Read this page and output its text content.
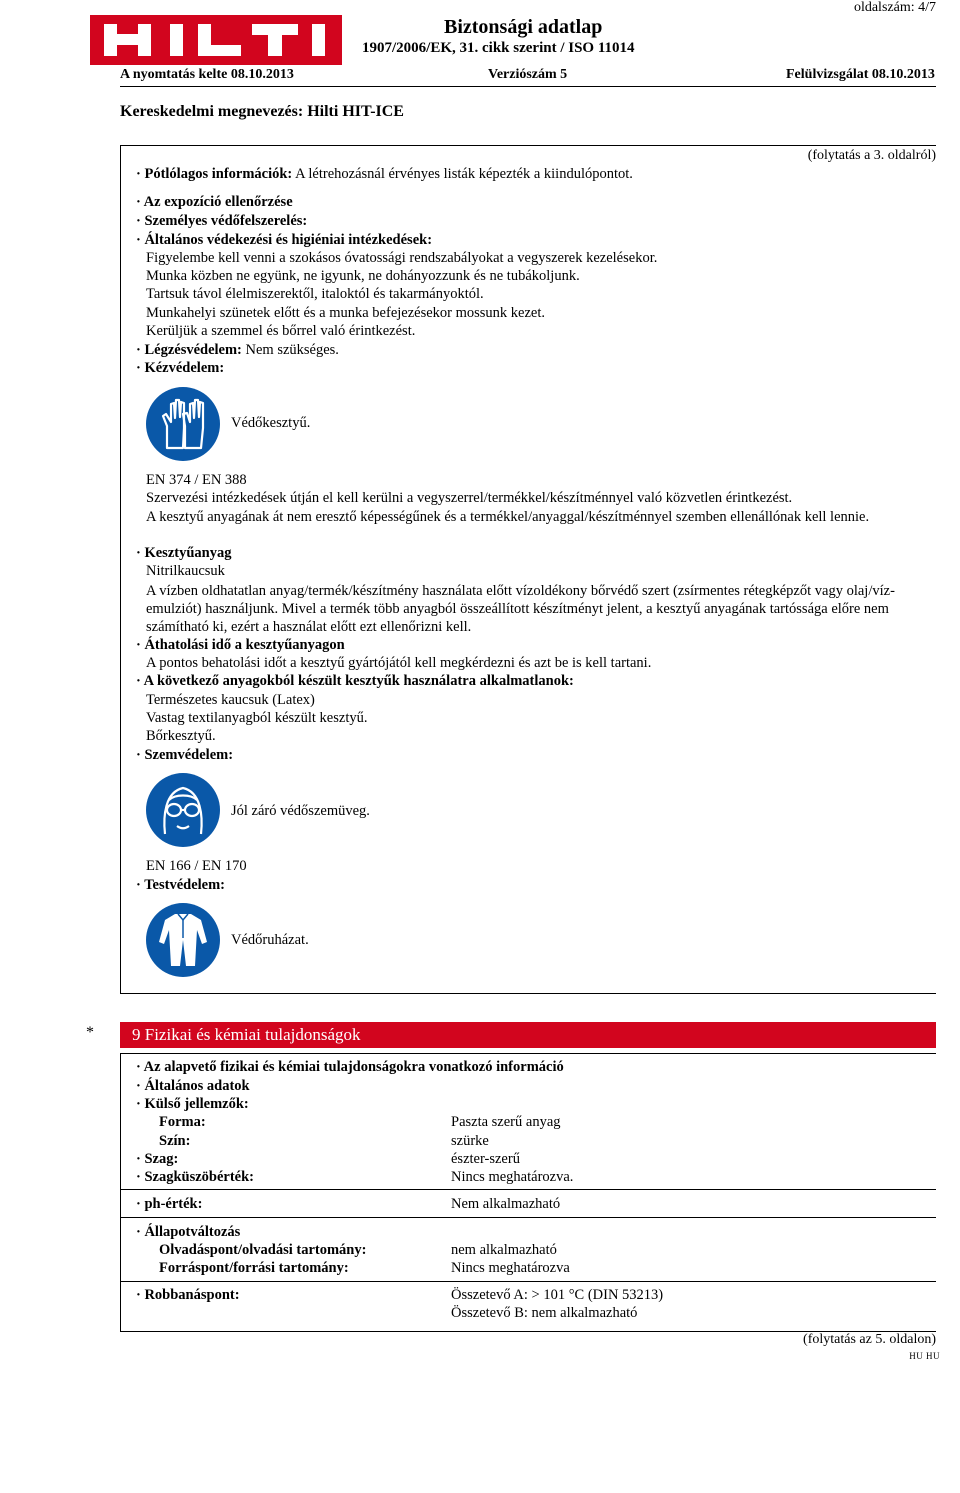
oldalszám: 4/7
Biztonsági adatlap
1907/2006/EK, 31. cikk szerint / ISO 11014
A nyomtatás kelte 08.10.2013	Verziószám 5	Felülvizsgálat 08.10.2013
Kereskedelmi megnevezés: Hilti HIT-ICE
(folytatás a 3. oldalról)
· Pótlólagos információk: A létrehozásnál érvényes listák képezték a kiindulópontot.
· Az expozíció ellenőrzése
· Személyes védőfelszerelés:
· Általános védekezési és higiéniai intézkedések:
Figyelembe kell venni a szokásos óvatossági rendszabályokat a vegyszerek kezelésekor.
Munka közben ne együnk, ne igyunk, ne dohányozzunk és ne tubákoljunk.
Tartsuk távol élelmiszerektől, italoktól és takarmányoktól.
Munkahelyi szünetek előtt és a munka befejezésekor mossunk kezet.
Kerüljük a szemmel és bőrrel való érintkezést.
· Légzésvédelem: Nem szükséges.
· Kézvédelem:
Védőkesztyű.
EN 374 / EN 388
Szervezési intézkedések útján el kell kerülni a vegyszerrel/termékkel/készítménnyel való közvetlen érintkezést.
A kesztyű anyagának át nem eresztő képességűnek és a termékkel/anyaggal/készítménnyel szemben ellenállónak kell lennie.
· Kesztyűanyag
Nitrilkaucsuk
A vízben oldhatatlan anyag/termék/készítmény használata előtt vízoldékony bőrvédő szert (zsírmentes rétegképzőt vagy olaj/víz-emulziót) használjunk. Mivel a termék több anyagból összeállított készítményt jelent, a kesztyű anyagának tartóssága előre nem számítható ki, ezért a használat előtt ezt ellenőrizni kell.
· Áthatolási idő a kesztyűanyagon
A pontos behatolási időt a kesztyű gyártójától kell megkérdezni és azt be is kell tartani.
· A következő anyagokból készült kesztyűk használatra alkalmatlanok:
Természetes kaucsuk (Latex)
Vastag textilanyagból készült kesztyű.
Bőrkesztyű.
· Szemvédelem:
Jól záró védőszemüveg.
EN 166 / EN 170
· Testvédelem:
Védőruházat.
* 9 Fizikai és kémiai tulajdonságok
· Az alapvető fizikai és kémiai tulajdonságokra vonatkozó információ
· Általános adatok
· Külső jellemzők:
Forma:	Paszta szerű anyag
Szín:	szürke
· Szag:	észter-szerű
· Szagküszöbérték:	Nincs meghatározva.
· ph-érték:	Nem alkalmazható
· Állapotváltozás
Olvadáspont/olvadási tartomány:	nem alkalmazható
Forráspont/forrási tartomány:	Nincs meghatározva
· Robbanáspont:	Összetevő A: > 101 °C (DIN 53213)
Összetevő B: nem alkalmazható
(folytatás az 5. oldalon)
HU HU
